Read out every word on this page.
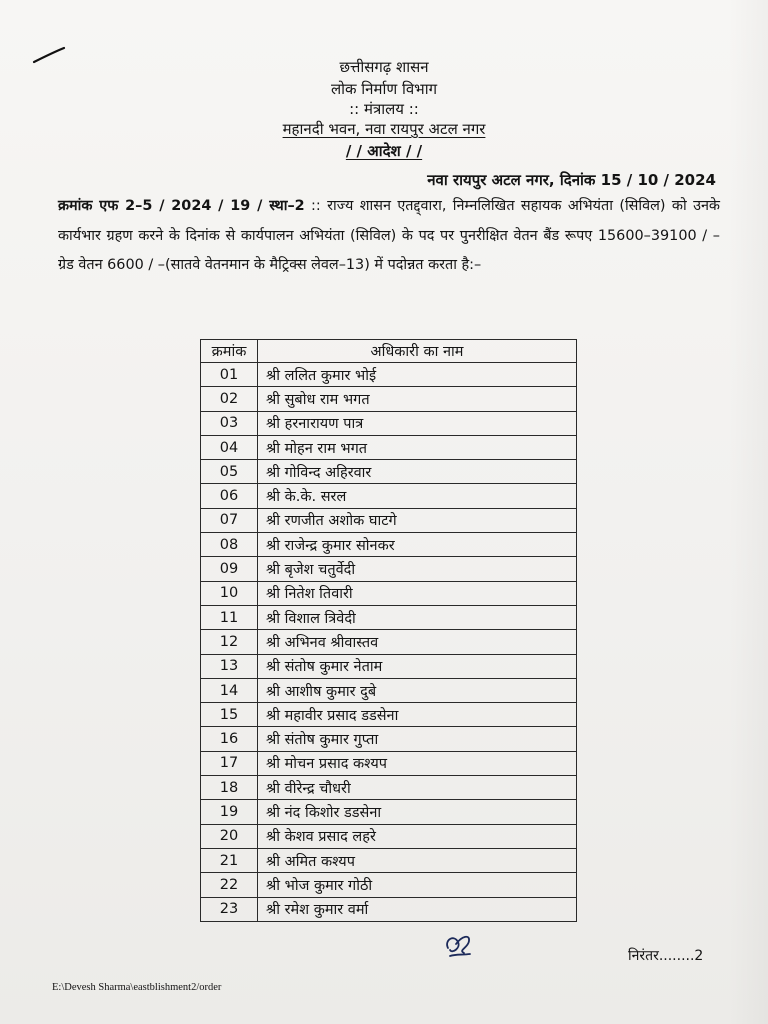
छत्तीसगढ़ शासन
लोक निर्माण विभाग
:: मंत्रालय ::
महानदी भवन, नवा रायपुर अटल नगर
/ / आदेश / /
नवा रायपुर अटल नगर, दिनांक 15 / 10 / 2024
क्रमांक एफ 2–5 / 2024 / 19 / स्था–2 :: राज्य शासन एतद्द्वारा, निम्नलिखित सहायक अभियंता (सिविल) को उनके कार्यभार ग्रहण करने के दिनांक से कार्यपालन अभियंता (सिविल) के पद पर पुनरीक्षित वेतन बैंड रूपए 15600–39100 / – ग्रेड वेतन 6600 / –(सातवे वेतनमान के मैट्रिक्स लेवल–13) में पदोन्नत करता है:–
क्रमांक	अधिकारी का नाम
01	श्री ललित कुमार भोई
02	श्री सुबोध राम भगत
03	श्री हरनारायण पात्र
04	श्री मोहन राम भगत
05	श्री गोविन्द अहिरवार
06	श्री के.के. सरल
07	श्री रणजीत अशोक घाटगे
08	श्री राजेन्द्र कुमार सोनकर
09	श्री बृजेश चतुर्वेदी
10	श्री नितेश तिवारी
11	श्री विशाल त्रिवेदी
12	श्री अभिनव श्रीवास्तव
13	श्री संतोष कुमार नेताम
14	श्री आशीष कुमार दुबे
15	श्री महावीर प्रसाद डडसेना
16	श्री संतोष कुमार गुप्ता
17	श्री मोचन प्रसाद कश्यप
18	श्री वीरेन्द्र चौधरी
19	श्री नंद किशोर डडसेना
20	श्री केशव प्रसाद लहरे
21	श्री अमित कश्यप
22	श्री भोज कुमार गोठी
23	श्री रमेश कुमार वर्मा
निरंतर........2
E:\Devesh Sharma\eastblishment2/order
